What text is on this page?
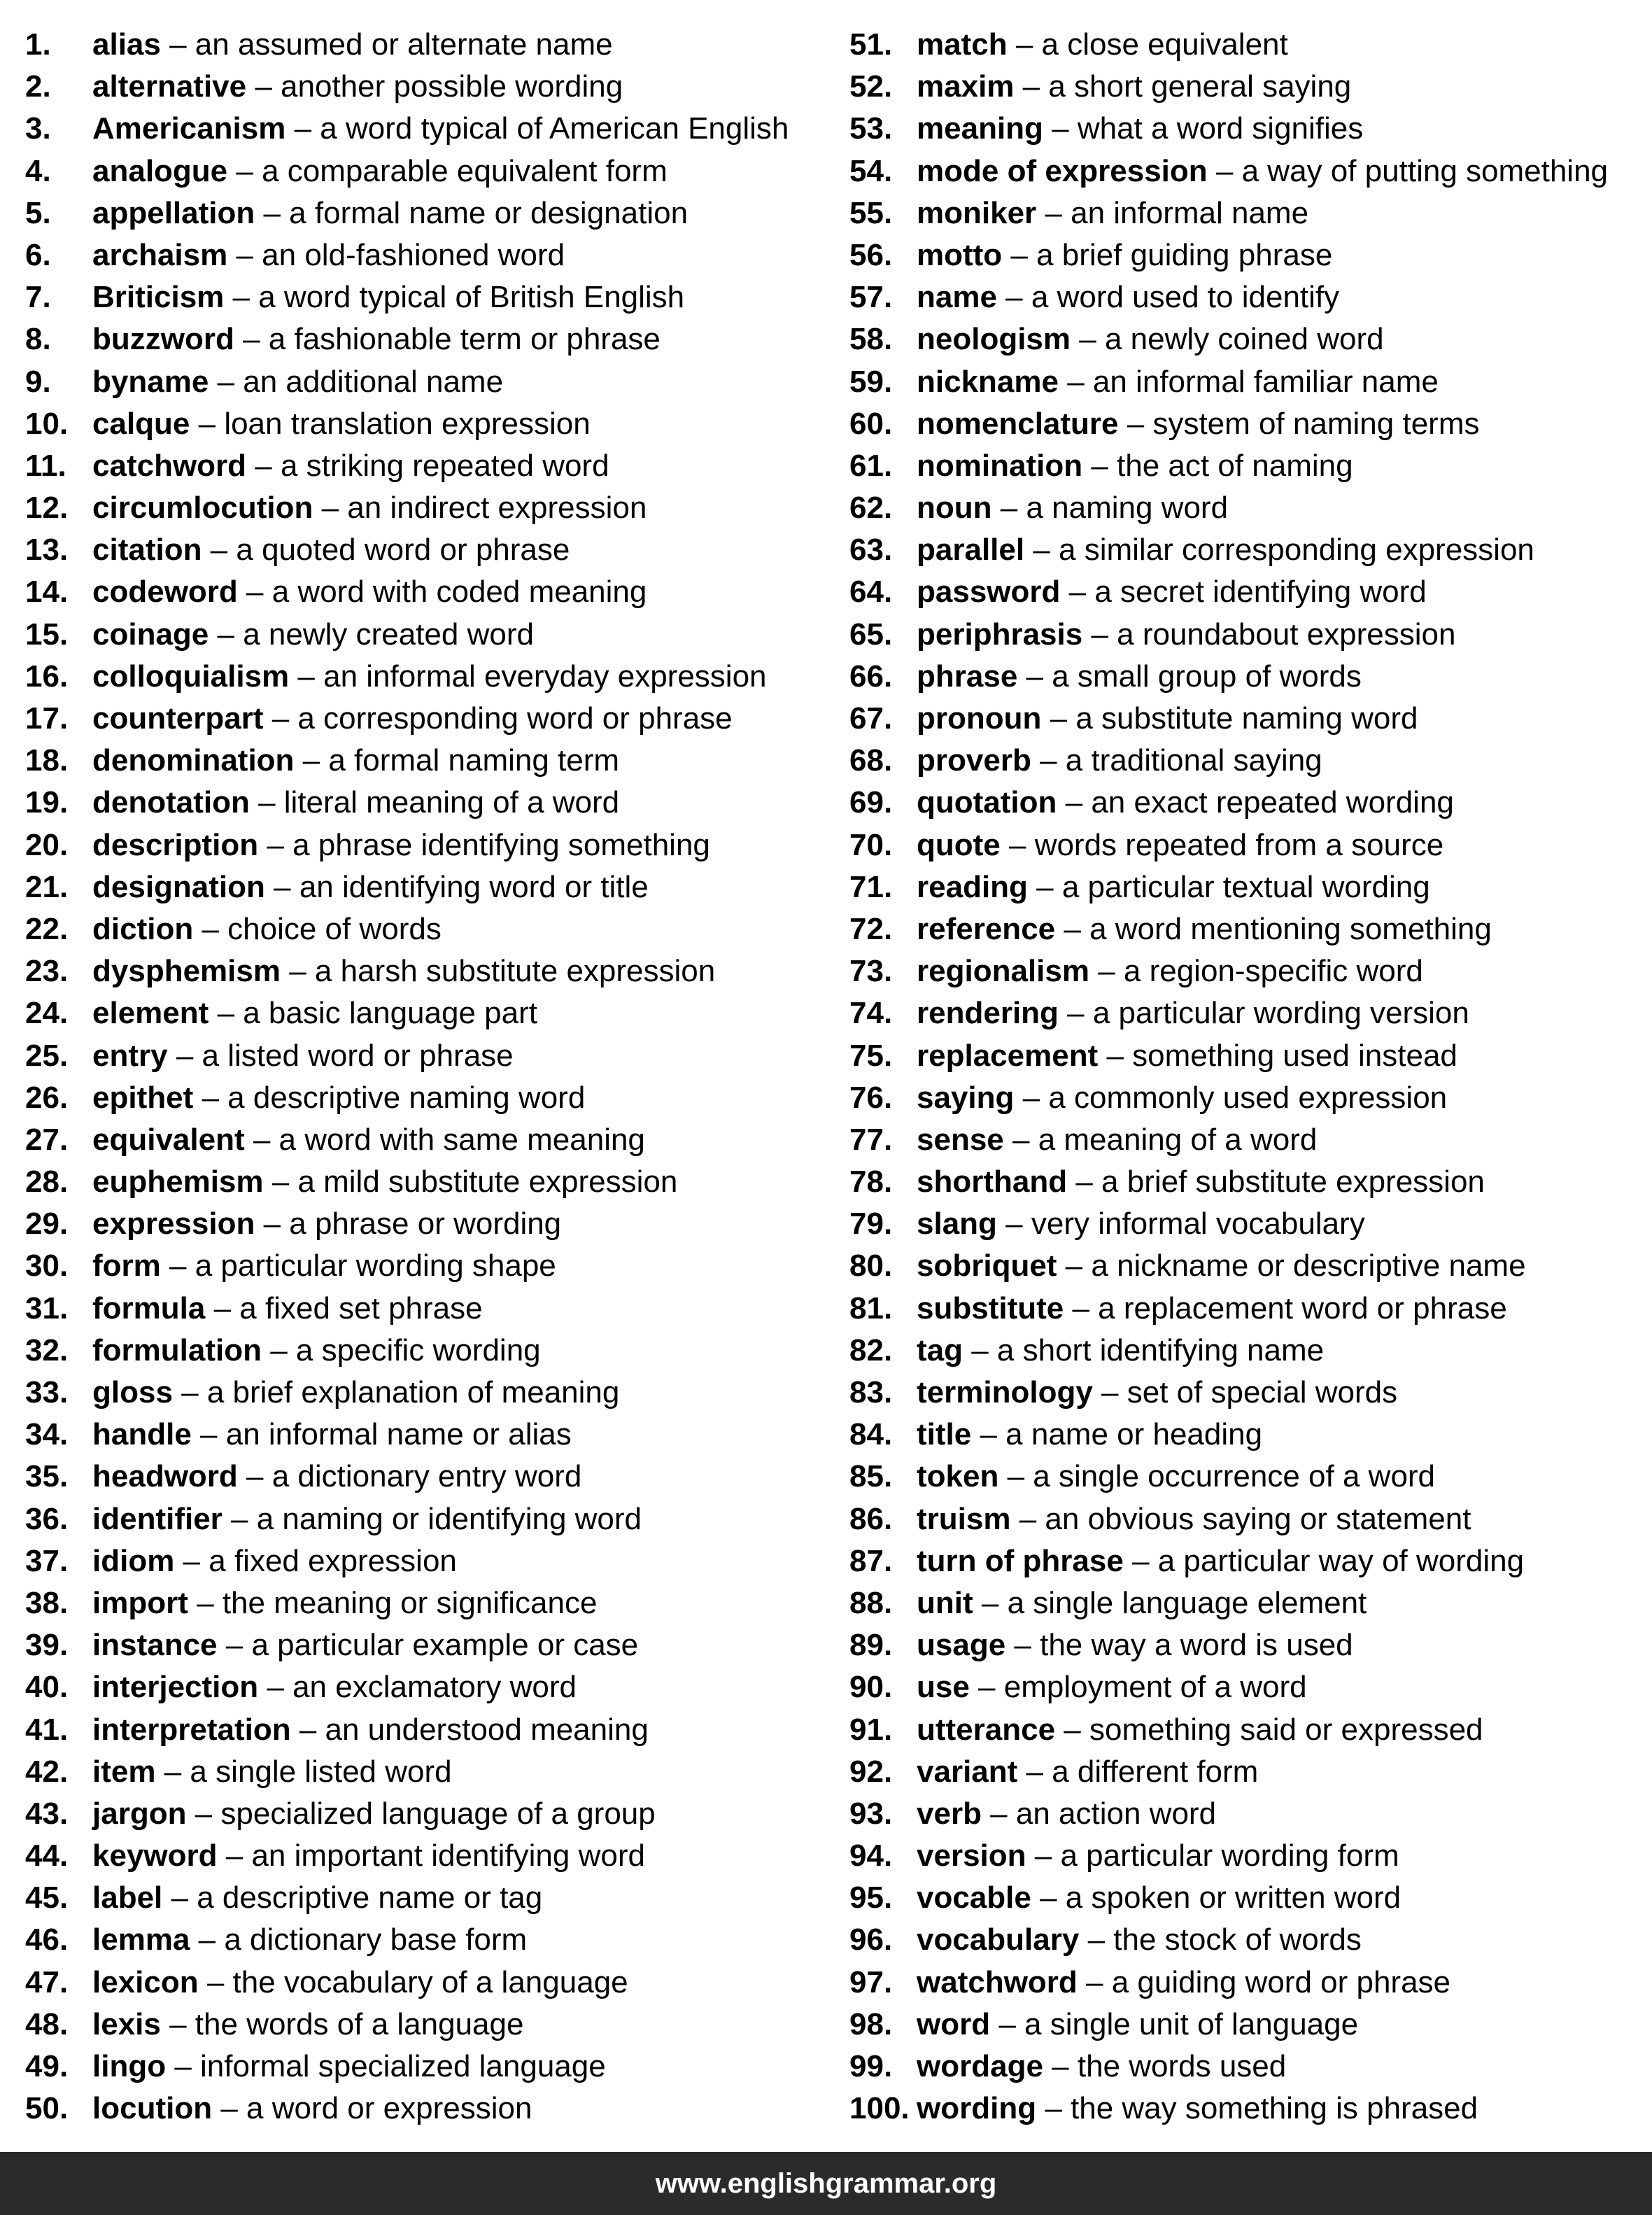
1.	alias – an assumed or alternate name
2.	alternative – another possible wording
3.	Americanism – a word typical of American English
4.	analogue – a comparable equivalent form
5.	appellation – a formal name or designation
6.	archaism – an old-fashioned word
7.	Briticism – a word typical of British English
8.	buzzword – a fashionable term or phrase
9.	byname – an additional name
10. calque – loan translation expression
11. catchword – a striking repeated word
12. circumlocution – an indirect expression
13. citation – a quoted word or phrase
14. codeword – a word with coded meaning
15. coinage – a newly created word
16. colloquialism – an informal everyday expression
17. counterpart – a corresponding word or phrase
18. denomination – a formal naming term
19. denotation – literal meaning of a word
20. description – a phrase identifying something
21. designation – an identifying word or title
22. diction – choice of words
23. dysphemism – a harsh substitute expression
24. element – a basic language part
25. entry – a listed word or phrase
26. epithet – a descriptive naming word
27. equivalent – a word with same meaning
28. euphemism – a mild substitute expression
29. expression – a phrase or wording
30. form – a particular wording shape
31. formula – a fixed set phrase
32. formulation – a specific wording
33. gloss – a brief explanation of meaning
34. handle – an informal name or alias
35. headword – a dictionary entry word
36. identifier – a naming or identifying word
37. idiom – a fixed expression
38. import – the meaning or significance
39. instance – a particular example or case
40. interjection – an exclamatory word
41. interpretation – an understood meaning
42. item – a single listed word
43. jargon – specialized language of a group
44. keyword – an important identifying word
45. label – a descriptive name or tag
46. lemma – a dictionary base form
47. lexicon – the vocabulary of a language
48. lexis – the words of a language
49. lingo – informal specialized language
50. locution – a word or expression
51. match – a close equivalent
52. maxim – a short general saying
53. meaning – what a word signifies
54. mode of expression – a way of putting something
55. moniker – an informal name
56. motto – a brief guiding phrase
57. name – a word used to identify
58. neologism – a newly coined word
59. nickname – an informal familiar name
60. nomenclature – system of naming terms
61. nomination – the act of naming
62. noun – a naming word
63. parallel – a similar corresponding expression
64. password – a secret identifying word
65. periphrasis – a roundabout expression
66. phrase – a small group of words
67. pronoun – a substitute naming word
68. proverb – a traditional saying
69. quotation – an exact repeated wording
70. quote – words repeated from a source
71. reading – a particular textual wording
72. reference – a word mentioning something
73. regionalism – a region-specific word
74. rendering – a particular wording version
75. replacement – something used instead
76. saying – a commonly used expression
77. sense – a meaning of a word
78. shorthand – a brief substitute expression
79. slang – very informal vocabulary
80. sobriquet – a nickname or descriptive name
81. substitute – a replacement word or phrase
82. tag – a short identifying name
83. terminology – set of special words
84. title – a name or heading
85. token – a single occurrence of a word
86. truism – an obvious saying or statement
87. turn of phrase – a particular way of wording
88. unit – a single language element
89. usage – the way a word is used
90. use – employment of a word
91. utterance – something said or expressed
92. variant – a different form
93. verb – an action word
94. version – a particular wording form
95. vocable – a spoken or written word
96. vocabulary – the stock of words
97. watchword – a guiding word or phrase
98. word – a single unit of language
99. wordage – the words used
100. wording – the way something is phrased
www.englishgrammar.org
